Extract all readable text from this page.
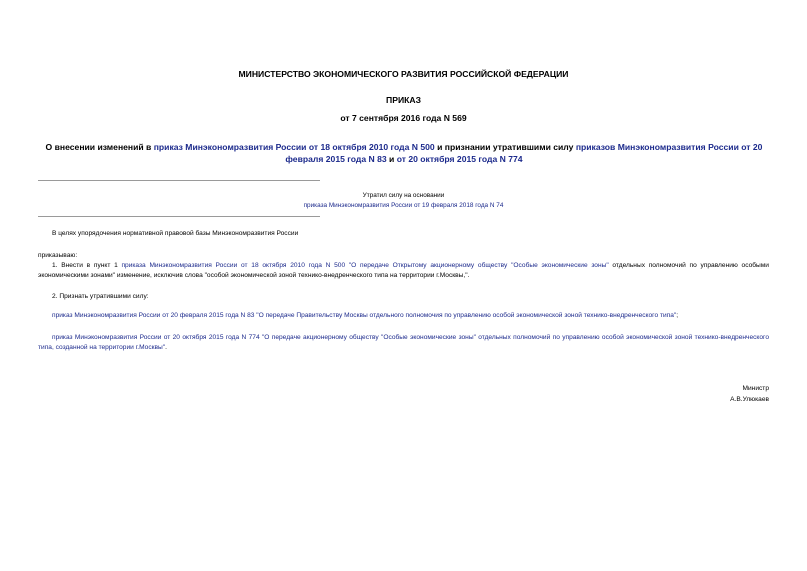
МИНИСТЕРСТВО ЭКОНОМИЧЕСКОГО РАЗВИТИЯ РОССИЙСКОЙ ФЕДЕРАЦИИ
ПРИКАЗ
от 7 сентября 2016 года N 569
О внесении изменений в приказ Минэкономразвития России от 18 октября 2010 года N 500 и признании утратившими силу приказов Минэкономразвития России от 20 февраля 2015 года N 83 и от 20 октября 2015 года N 774
Утратил силу на основании
приказа Минэкономразвития России от 19 февраля 2018 года N 74
В целях упорядочения нормативной правовой базы Минэкономразвития России
приказываю:
1. Внести в пункт 1 приказа Минэкономразвития России от 18 октября 2010 года N 500 "О передаче Открытому акционерному обществу "Особые экономические зоны" отдельных полномочий по управлению особыми экономическими зонами" изменение, исключив слова "особой экономической зоной технико-внедренческого типа на территории г.Москвы,".
2. Признать утратившими силу:
приказ Минэкономразвития России от 20 февраля 2015 года N 83 "О передаче Правительству Москвы отдельного полномочия по управлению особой экономической зоной технико-внедренческого типа";
приказ Минэкономразвития России от 20 октября 2015 года N 774 "О передаче акционерному обществу "Особые экономические зоны" отдельных полномочий по управлению особой экономической зоной технико-внедренческого типа, созданной на территории г.Москвы".
Министр
А.В.Улюкаев
